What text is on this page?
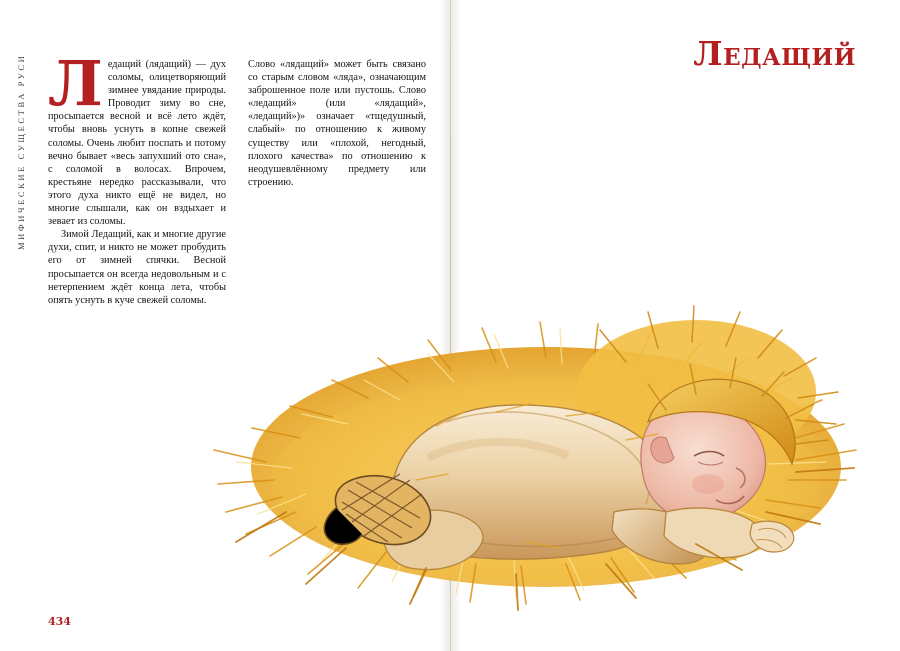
МИФИЧЕСКИЕ СУЩЕСТВА РУСИ
Ледащий

Ледащий (лядащий) — дух соломы, олицетворяющий зимнее увядание природы. Проводит зиму во сне, просыпается весной и всё лето ждёт, чтобы вновь уснуть в копне свежей соломы. Очень любит поспать и потому вечно бывает «весь запухший ото сна», с соломой в волосах. Впрочем, крестьяне нередко рассказывали, что этого духа никто ещё не видел, но многие слышали, как он вздыхает и зевает из соломы.

Зимой Ледащий, как и многие другие духи, спит, и никто не может пробудить его от зимней спячки. Весной просыпается он всегда недовольным и с нетерпением ждёт конца лета, чтобы опять уснуть в куче свежей соломы.

Слово «лядащий» может быть связано со старым словом «ляда», означающим заброшенное поле или пустошь. Слово «ледащий» (или «лядащий», «ледащий»)» означает «тщедушный, слабый» по отношению к живому существу или «плохой, негодный, плохого качества» по отношению к неодушевлённому предмету или строению.

434
